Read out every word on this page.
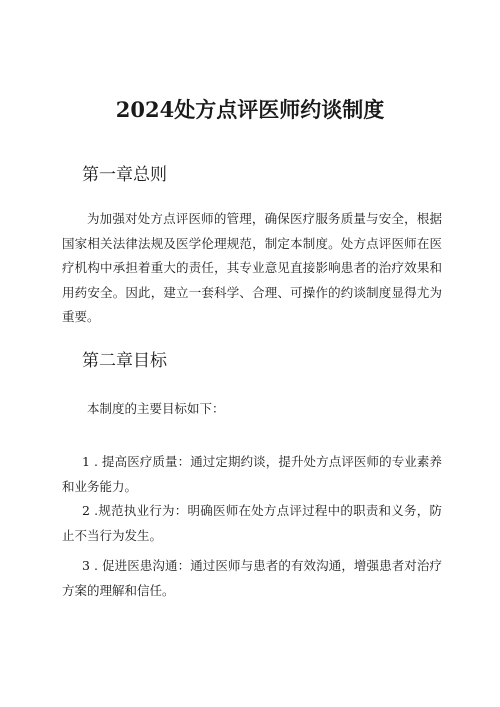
2024处方点评医师约谈制度
第一章总则

为加强对处方点评医师的管理，确保医疗服务质量与安全，根据国家相关法律法规及医学伦理规范，制定本制度。处方点评医师在医疗机构中承担着重大的责任，其专业意见直接影响患者的治疗效果和用药安全。因此，建立一套科学、合理、可操作的约谈制度显得尤为重要。

第二章目标

本制度的主要目标如下：

1 . 提高医疗质量：通过定期约谈，提升处方点评医师的专业素养和业务能力。

2 .规范执业行为：明确医师在处方点评过程中的职责和义务，防止不当行为发生。

3 . 促进医患沟通：通过医师与患者的有效沟通，增强患者对治疗方案的理解和信任。
